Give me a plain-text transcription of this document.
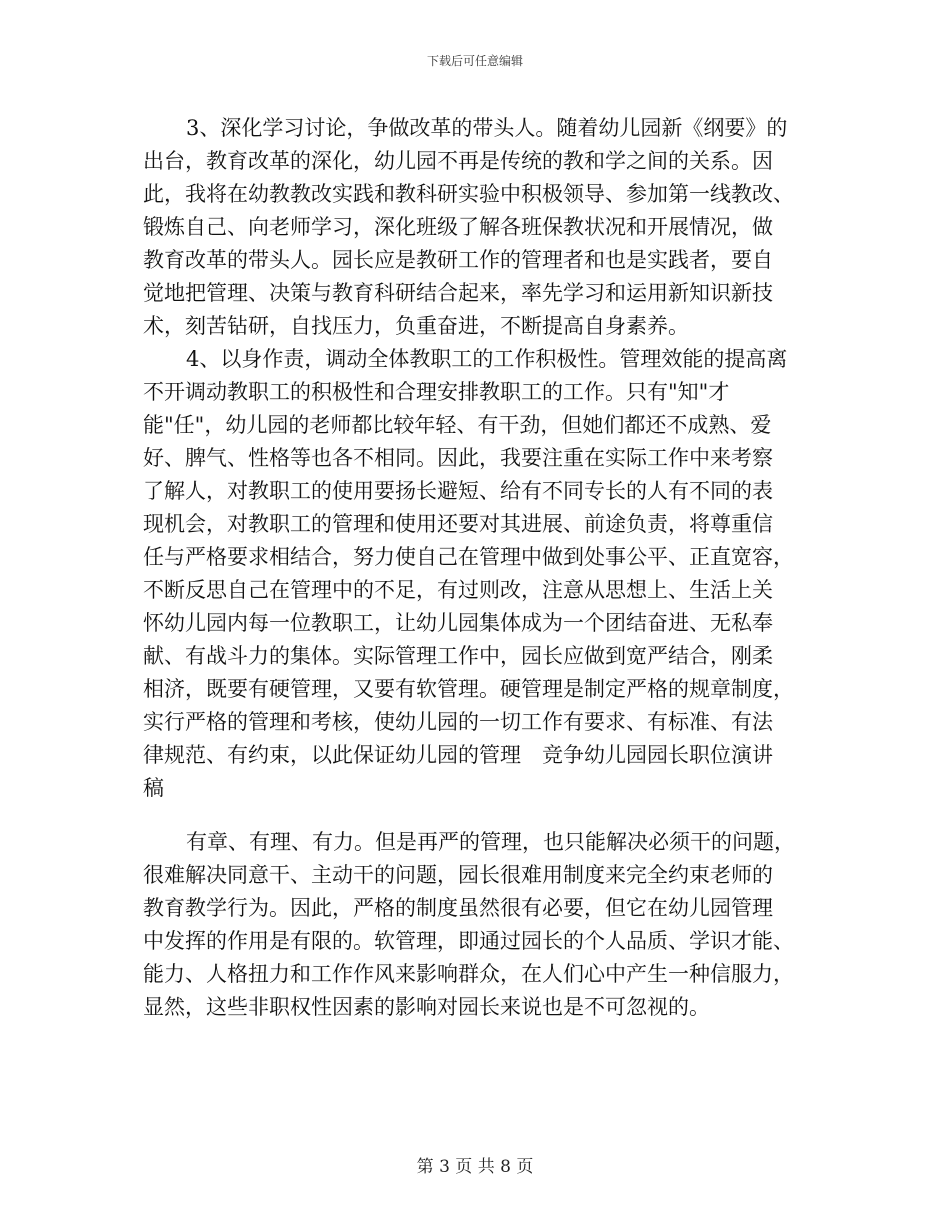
下载后可任意编辑
3、深化学习讨论，争做改革的带头人。随着幼儿园新《纲要》的
出台，教育改革的深化，幼儿园不再是传统的教和学之间的关系。因
此，我将在幼教教改实践和教科研实验中积极领导、参加第一线教改、
锻炼自己、向老师学习，深化班级了解各班保教状况和开展情况，做
教育改革的带头人。园长应是教研工作的管理者和也是实践者，要自
觉地把管理、决策与教育科研结合起来，率先学习和运用新知识新技
术，刻苦钻研，自找压力，负重奋进，不断提高自身素养。
4、以身作责，调动全体教职工的工作积极性。管理效能的提高离
不开调动教职工的积极性和合理安排教职工的工作。只有"知"才
能"任"，幼儿园的老师都比较年轻、有干劲，但她们都还不成熟、爱
好、脾气、性格等也各不相同。因此，我要注重在实际工作中来考察
了解人，对教职工的使用要扬长避短、给有不同专长的人有不同的表
现机会，对教职工的管理和使用还要对其进展、前途负责，将尊重信
任与严格要求相结合，努力使自己在管理中做到处事公平、正直宽容，
不断反思自己在管理中的不足，有过则改，注意从思想上、生活上关
怀幼儿园内每一位教职工，让幼儿园集体成为一个团结奋进、无私奉
献、有战斗力的集体。实际管理工作中，园长应做到宽严结合，刚柔
相济，既要有硬管理，又要有软管理。硬管理是制定严格的规章制度，
实行严格的管理和考核，使幼儿园的一切工作有要求、有标准、有法
律规范、有约束，以此保证幼儿园的管理　竞争幼儿园园长职位演讲
稿
有章、有理、有力。但是再严的管理，也只能解决必须干的问题，
很难解决同意干、主动干的问题，园长很难用制度来完全约束老师的
教育教学行为。因此，严格的制度虽然很有必要，但它在幼儿园管理
中发挥的作用是有限的。软管理，即通过园长的个人品质、学识才能、
能力、人格扭力和工作作风来影响群众，在人们心中产生一种信服力，
显然，这些非职权性因素的影响对园长来说也是不可忽视的。
第 3 页 共 8 页
